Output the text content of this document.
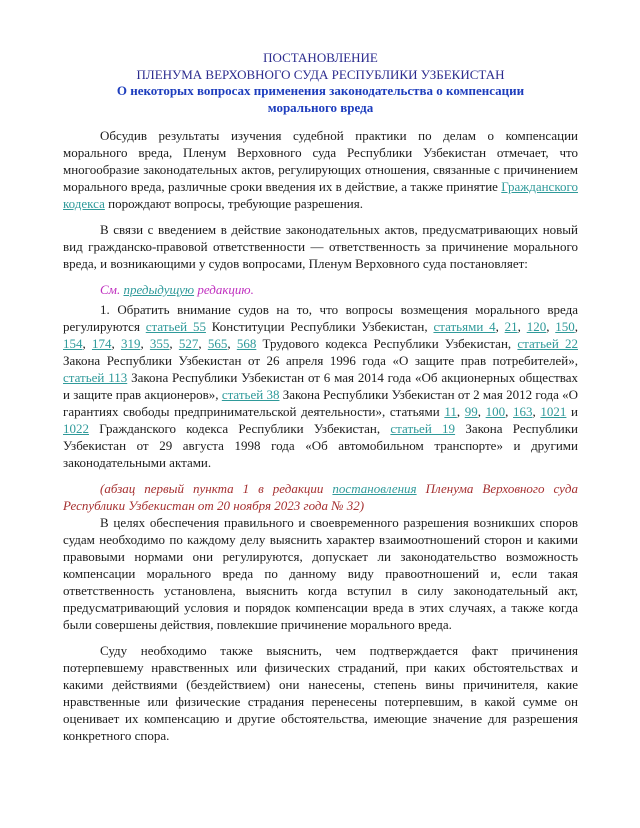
ПОСТАНОВЛЕНИЕ
ПЛЕНУМА ВЕРХОВНОГО СУДА РЕСПУБЛИКИ УЗБЕКИСТАН
О некоторых вопросах применения законодательства о компенсации морального вреда

Обсудив результаты изучения судебной практики по делам о компенсации морального вреда, Пленум Верховного суда Республики Узбекистан отмечает, что многообразие законодательных актов, регулирующих отношения, связанные с причинением морального вреда, различные сроки введения их в действие, а также принятие Гражданского кодекса порождают вопросы, требующие разрешения.

В связи с введением в действие законодательных актов, предусматривающих новый вид гражданско-правовой ответственности — ответственность за причинение морального вреда, и возникающими у судов вопросами, Пленум Верховного суда постановляет:

См. предыдущую редакцию.

1. Обратить внимание судов на то, что вопросы возмещения морального вреда регулируются статьей 55 Конституции Республики Узбекистан, статьями 4, 21, 120, 150, 154, 174, 319, 355, 527, 565, 568 Трудового кодекса Республики Узбекистан, статьей 22 Закона Республики Узбекистан от 26 апреля 1996 года «О защите прав потребителей», статьей 113 Закона Республики Узбекистан от 6 мая 2014 года «Об акционерных обществах и защите прав акционеров», статьей 38 Закона Республики Узбекистан от 2 мая 2012 года «О гарантиях свободы предпринимательской деятельности», статьями 11, 99, 100, 163, 1021 и 1022 Гражданского кодекса Республики Узбекистан, статьей 19 Закона Республики Узбекистан от 29 августа 1998 года «Об автомобильном транспорте» и другими законодательными актами.

(абзац первый пункта 1 в редакции постановления Пленума Верховного суда Республики Узбекистан от 20 ноября 2023 года № 32)

В целях обеспечения правильного и своевременного разрешения возникших споров судам необходимо по каждому делу выяснить характер взаимоотношений сторон и какими правовыми нормами они регулируются, допускает ли законодательство возможность компенсации морального вреда по данному виду правоотношений и, если такая ответственность установлена, выяснить когда вступил в силу законодательный акт, предусматривающий условия и порядок компенсации вреда в этих случаях, а также когда были совершены действия, повлекшие причинение морального вреда.

Суду необходимо также выяснить, чем подтверждается факт причинения потерпевшему нравственных или физических страданий, при каких обстоятельствах и какими действиями (бездействием) они нанесены, степень вины причинителя, какие нравственные или физические страдания перенесены потерпевшим, в какой сумме он оценивает их компенсацию и другие обстоятельства, имеющие значение для разрешения конкретного спора.
